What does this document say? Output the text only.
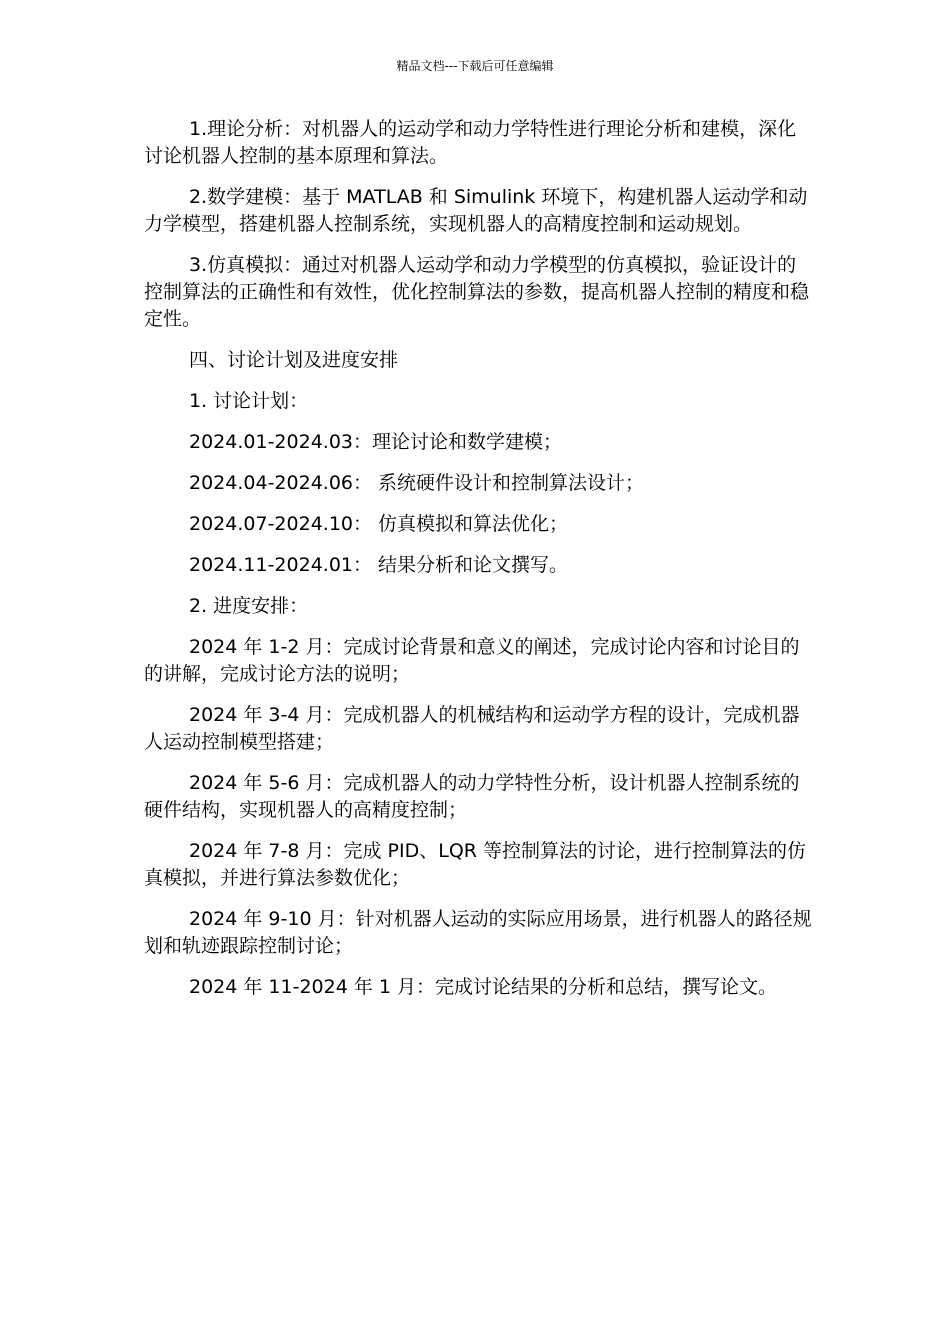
精品文档---下载后可任意编辑

1.理论分析：对机器人的运动学和动力学特性进行理论分析和建模，深化讨论机器人控制的基本原理和算法。

2.数学建模：基于 MATLAB 和 Simulink 环境下，构建机器人运动学和动力学模型，搭建机器人控制系统，实现机器人的高精度控制和运动规划。

3.仿真模拟：通过对机器人运动学和动力学模型的仿真模拟，验证设计的控制算法的正确性和有效性，优化控制算法的参数，提高机器人控制的精度和稳定性。

四、讨论计划及进度安排

1. 讨论计划：

2024.01-2024.03：理论讨论和数学建模；

2024.04-2024.06： 系统硬件设计和控制算法设计；

2024.07-2024.10： 仿真模拟和算法优化；

2024.11-2024.01： 结果分析和论文撰写。

2. 进度安排：

2024 年 1-2 月：完成讨论背景和意义的阐述，完成讨论内容和讨论目的的讲解，完成讨论方法的说明；

2024 年 3-4 月：完成机器人的机械结构和运动学方程的设计，完成机器人运动控制模型搭建；

2024 年 5-6 月：完成机器人的动力学特性分析，设计机器人控制系统的硬件结构，实现机器人的高精度控制；

2024 年 7-8 月：完成 PID、LQR 等控制算法的讨论，进行控制算法的仿真模拟，并进行算法参数优化；

2024 年 9-10 月：针对机器人运动的实际应用场景，进行机器人的路径规划和轨迹跟踪控制讨论；

2024 年 11-2024 年 1 月：完成讨论结果的分析和总结，撰写论文。
